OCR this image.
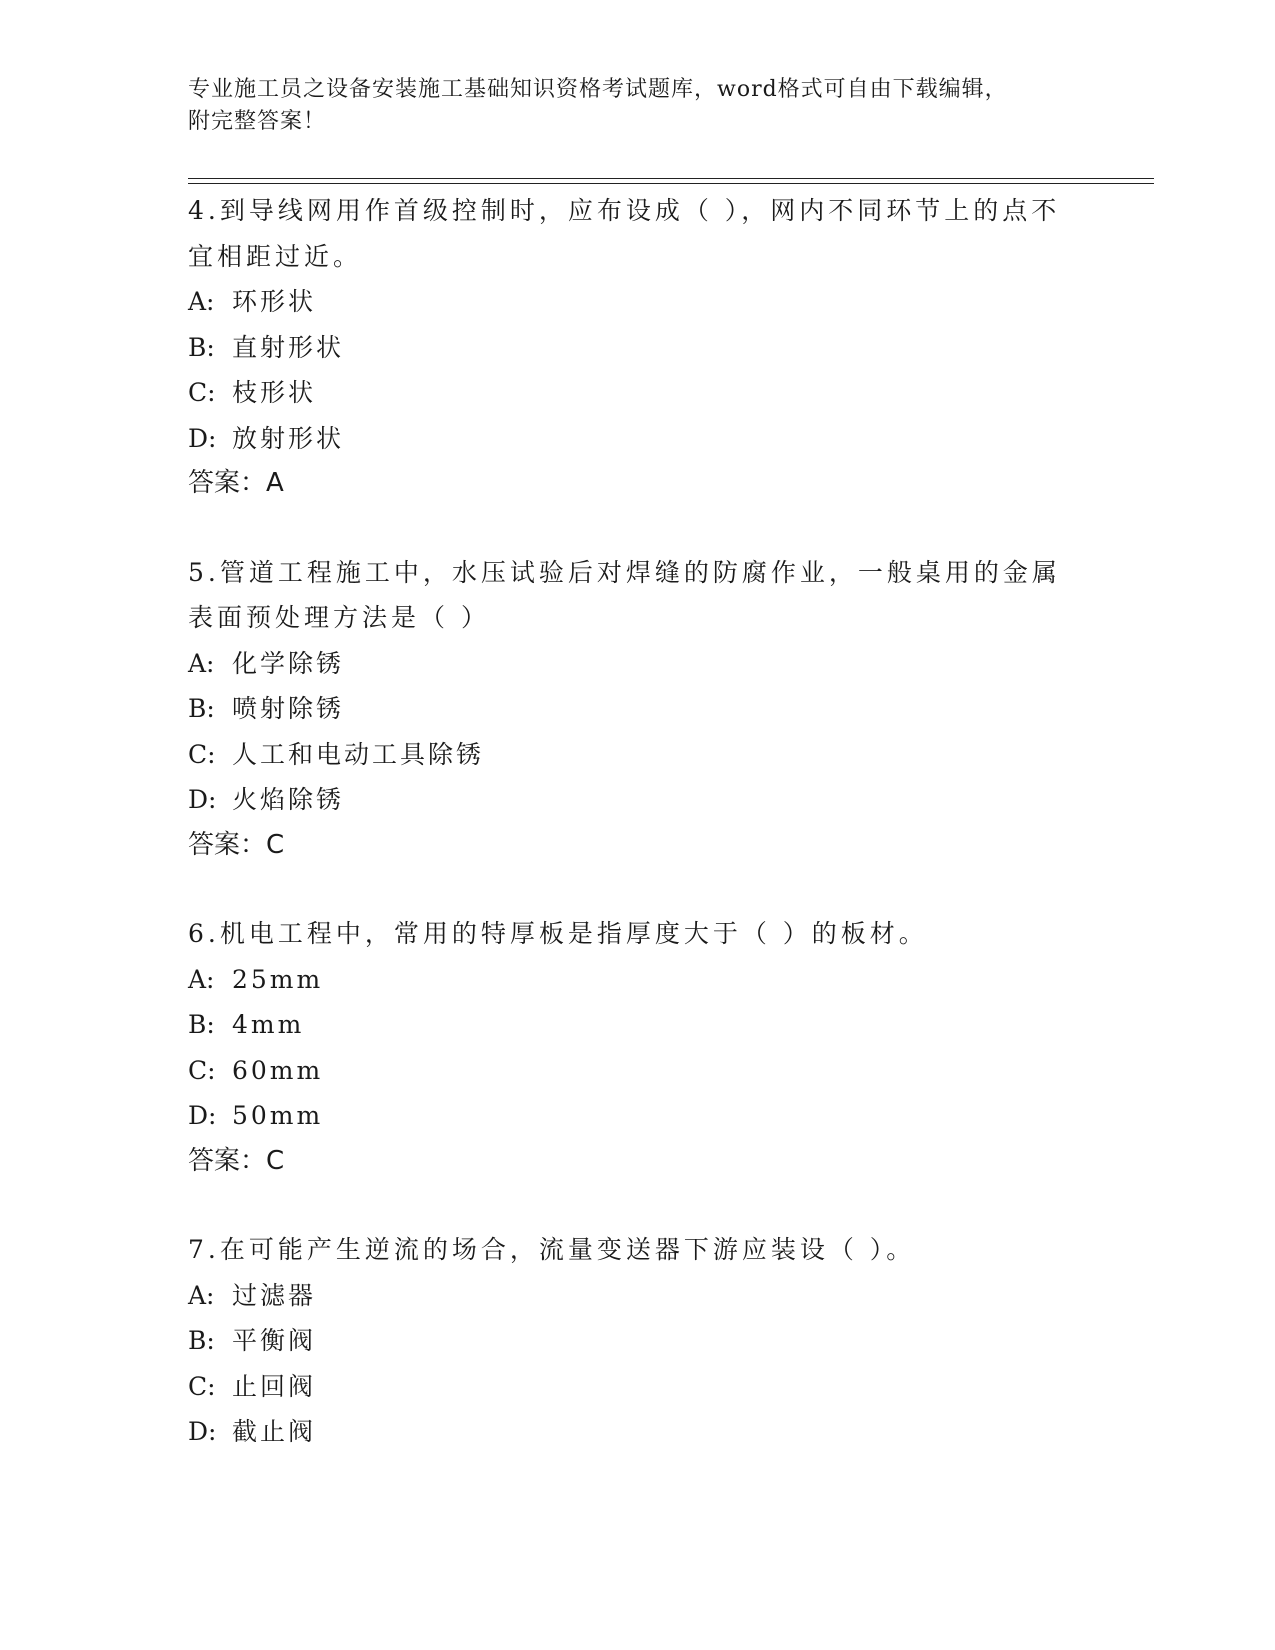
专业施工员之设备安装施工基础知识资格考试题库，word格式可自由下载编辑，
附完整答案！

4.到导线网用作首级控制时，应布设成（ ），网内不同环节上的点不宜相距过近。

A: 环形状
B: 直射形状
C: 枝形状
D: 放射形状
答案：A

5.管道工程施工中，水压试验后对焊缝的防腐作业，一般桌用的金属表面预处理方法是（ ）

A: 化学除锈
B: 喷射除锈
C: 人工和电动工具除锈
D: 火焰除锈
答案：C

6.机电工程中，常用的特厚板是指厚度大于（ ）的板材。

A: 25mm
B: 4mm
C: 60mm
D: 50mm
答案：C

7.在可能产生逆流的场合，流量变送器下游应装设（ ）。

A: 过滤器
B: 平衡阀
C: 止回阀
D: 截止阀
